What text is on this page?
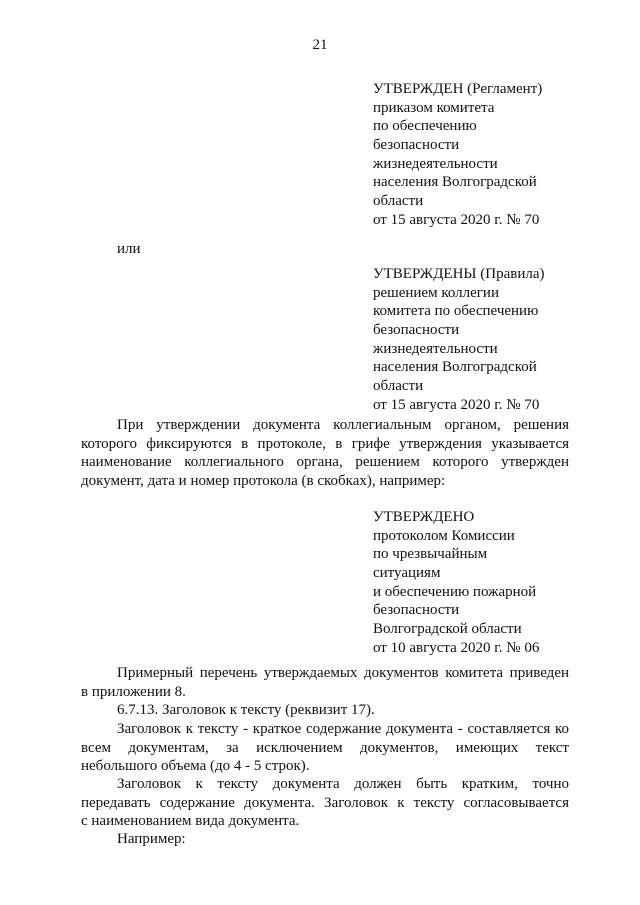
21
УТВЕРЖДЕН (Регламент)
приказом комитета
по обеспечению
безопасности
жизнедеятельности
населения Волгоградской
области
от 15 августа 2020 г. № 70
или
УТВЕРЖДЕНЫ (Правила)
решением коллегии
комитета по обеспечению
безопасности
жизнедеятельности
населения Волгоградской
области
от 15 августа 2020 г. № 70
При утверждении документа коллегиальным органом, решения
которого фиксируются в протоколе, в грифе утверждения указывается
наименование коллегиального органа, решением которого утвержден
документ, дата и номер протокола (в скобках), например:
УТВЕРЖДЕНО
протоколом Комиссии
по чрезвычайным
ситуациям
и обеспечению пожарной
безопасности
Волгоградской области
от 10 августа 2020 г. № 06
Примерный перечень утверждаемых документов комитета приведен
в приложении 8.
6.7.13. Заголовок к тексту (реквизит 17).
Заголовок к тексту - краткое содержание документа - составляется ко
всем документам, за исключением документов, имеющих текст
небольшого объема (до 4 - 5 строк).
Заголовок к тексту документа должен быть кратким, точно
передавать содержание документа. Заголовок к тексту согласовывается
с наименованием вида документа.
Например:
